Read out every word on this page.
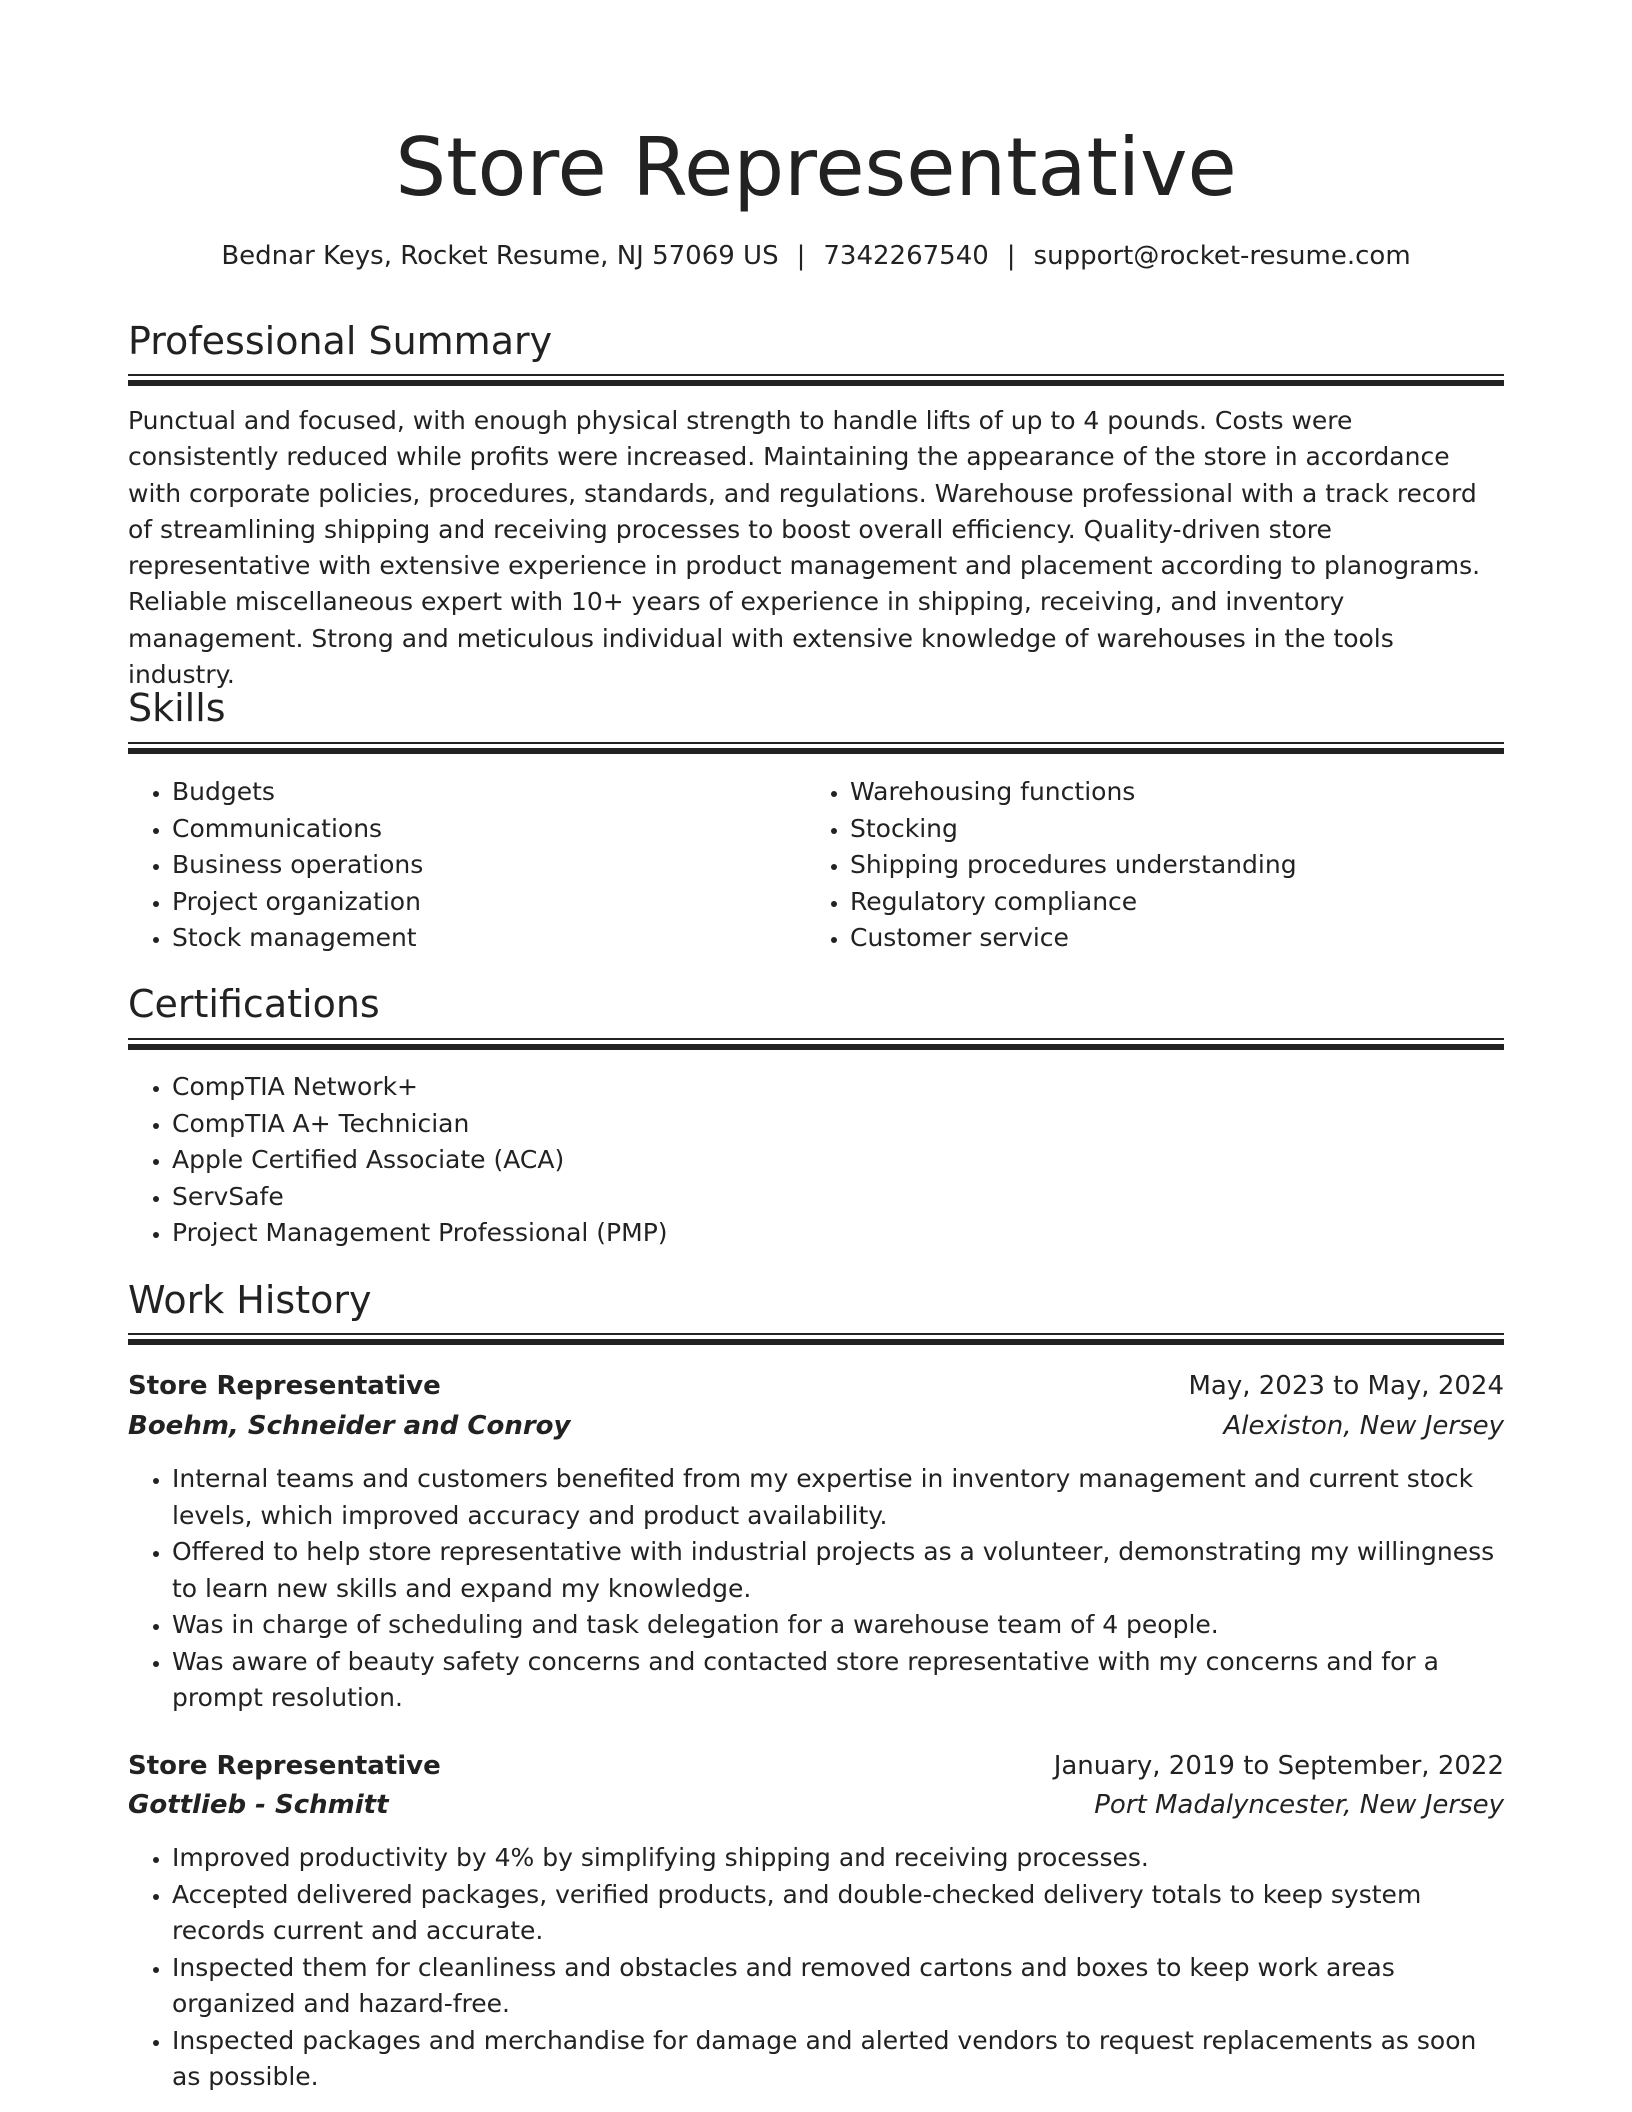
Store Representative
Bednar Keys, Rocket Resume, NJ 57069 US | 7342267540 | support@rocket-resume.com
Professional Summary
Punctual and focused, with enough physical strength to handle lifts of up to 4 pounds. Costs were consistently reduced while profits were increased. Maintaining the appearance of the store in accordance with corporate policies, procedures, standards, and regulations. Warehouse professional with a track record of streamlining shipping and receiving processes to boost overall efficiency. Quality-driven store representative with extensive experience in product management and placement according to planograms. Reliable miscellaneous expert with 10+ years of experience in shipping, receiving, and inventory management. Strong and meticulous individual with extensive knowledge of warehouses in the tools industry.
Skills
• Budgets
• Communications
• Business operations
• Project organization
• Stock management
• Warehousing functions
• Stocking
• Shipping procedures understanding
• Regulatory compliance
• Customer service
Certifications
• CompTIA Network+
• CompTIA A+ Technician
• Apple Certified Associate (ACA)
• ServSafe
• Project Management Professional (PMP)
Work History
Store Representative	May, 2023 to May, 2024
Boehm, Schneider and Conroy	Alexiston, New Jersey
• Internal teams and customers benefited from my expertise in inventory management and current stock levels, which improved accuracy and product availability.
• Offered to help store representative with industrial projects as a volunteer, demonstrating my willingness to learn new skills and expand my knowledge.
• Was in charge of scheduling and task delegation for a warehouse team of 4 people.
• Was aware of beauty safety concerns and contacted store representative with my concerns and for a prompt resolution.
Store Representative	January, 2019 to September, 2022
Gottlieb - Schmitt	Port Madalyncester, New Jersey
• Improved productivity by 4% by simplifying shipping and receiving processes.
• Accepted delivered packages, verified products, and double-checked delivery totals to keep system records current and accurate.
• Inspected them for cleanliness and obstacles and removed cartons and boxes to keep work areas organized and hazard-free.
• Inspected packages and merchandise for damage and alerted vendors to request replacements as soon as possible.
